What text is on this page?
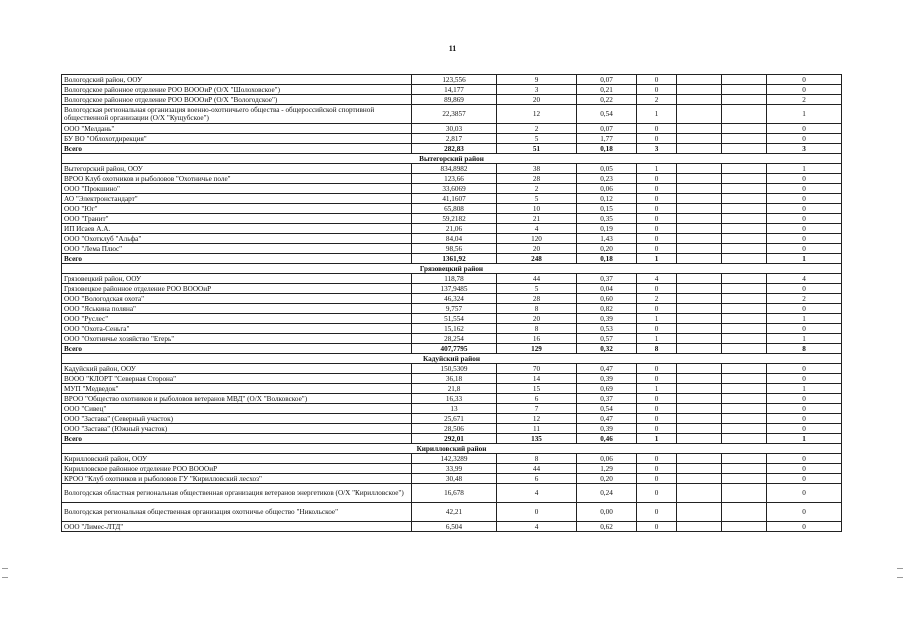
11
Вологодский район, ООУ	123,556	9	0,07	0			0
Вологодское районное отделение РОО ВОООиР (О/Х "Шолоховское")	14,177	3	0,21	0			0
Вологодское районное отделение РОО ВОООиР (О/Х "Вологодское")	89,869	20	0,22	2			2
Вологодская региональная организация военно-охотничьего общества - общероссийской спортивной общественной организации (О/Х "Кущубское")	22,3857	12	0,54	1			1
ООО "Мелдань"	30,03	2	0,07	0			0
БУ ВО "Облохотдирекция"	2,817	5	1,77	0			0
Всего	282,83	51	0,18	3			3
Вытегорский район							
Вытегорский район, ООУ	834,8982	38	0,05	1			1
ВРОО Клуб охотников и рыболовов "Охотничье поле"	123,66	28	0,23	0			0
ООО "Прокшино"	33,6069	2	0,06	0			0
АО "Электронстандарт"	41,1607	5	0,12	0			0
ООО "Юг"	65,808	10	0,15	0			0
ООО "Гранит"	59,2182	21	0,35	0			0
ИП Исаев А.А.	21,06	4	0,19	0			0
ООО "Охотклуб "Альфа"	84,04	120	1,43	0			0
ООО "Лема Плюс"	98,56	20	0,20	0			0
Всего	1361,92	248	0,18	1			1
Грязовецкий район							
Грязовецкий район, ООУ	118,78	44	0,37	4			4
Грязовецкое районное отделение РОО ВОООиР	137,9485	5	0,04	0			0
ООО "Вологодская охота"	46,324	28	0,60	2			2
ООО "Яськина поляна"	9,757	8	0,82	0			0
ООО "Руслес"	51,554	20	0,39	1			1
ООО "Охота-Сеньга"	15,162	8	0,53	0			0
ООО "Охотничье хозяйство "Егерь"	28,254	16	0,57	1			1
Всего	407,7795	129	0,32	8			8
Кадуйский район							
Кадуйский район, ООУ	150,5309	70	0,47	0			0
ВООО "КЛОРТ "Северная Сторона"	36,18	14	0,39	0			0
МУП "Медведок"	21,8	15	0,69	1			1
ВРОО "Общество охотников и рыболовов ветеранов МВД" (О/Х "Волковское")	16,33	6	0,37	0			0
ООО "Сивец"	13	7	0,54	0			0
ООО "Застава" (Северный участок)	25,671	12	0,47	0			0
ООО "Застава" (Южный участок)	28,506	11	0,39	0			0
Всего	292,01	135	0,46	1			1
Кирилловский район							
Кирилловский район, ООУ	142,3289	8	0,06	0			0
Кирилловское районное отделение РОО ВОООиР	33,99	44	1,29	0			0
КРОО "Клуб охотников и рыболовов ГУ "Кирилловский лесхоз"	30,48	6	0,20	0			0
Вологодская областная региональная общественная организация ветеранов энергетиков (О/Х "Кирилловское")	16,678	4	0,24	0			0
Вологодская региональная общественная организация охотничье общество "Никольское"	42,21	0	0,00	0			0
ООО "Лимес-ЛТД"	6,504	4	0,62	0			0
